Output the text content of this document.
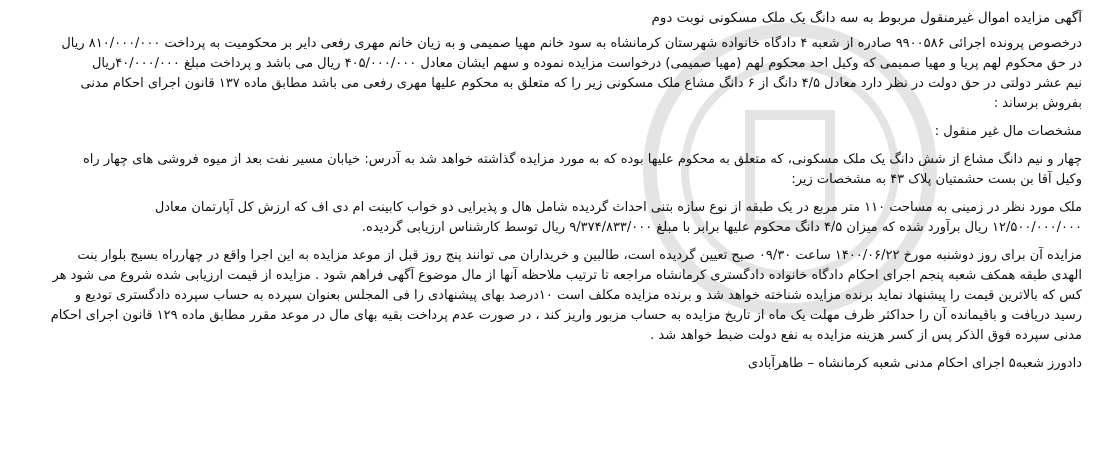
آگهی مزایده اموال غیرمنقول مربوط به سه دانگ یک ملک مسکونی نوبت دوم
درخصوص پرونده اجرائی ۹۹۰۰۵۸۶ صادره از شعبه ۴ دادگاه خانواده شهرستان کرمانشاه به سود خانم مهیا صمیمی و به زیان خانم مهری رفعی دایر بر محکومیت به پرداخت ۸۱۰/۰۰۰/۰۰۰ ریال
در حق محکوم لهم پریا و مهیا صمیمی که وکیل احد محکوم لهم (مهیا صمیمی) درخواست مزایده نموده و سهم ایشان معادل ۴۰۵/۰۰۰/۰۰۰ ریال می باشد و پرداخت مبلغ ۴۰/۰۰۰/۰۰۰ریال
نیم عشر دولتی در حق دولت در نظر دارد معادل ۴/۵ دانگ از ۶ دانگ مشاع ملک مسکونی زیر را که متعلق به محکوم علیها مهری رفعی می باشد مطابق ماده ۱۳۷ قانون اجرای احکام مدنی
بفروش برساند :
مشخصات مال غیر منقول :
چهار و نیم دانگ مشاع از شش دانگ یک ملک مسکونی، که متعلق به محکوم علیها بوده که به مورد مزایده گذاشته خواهد شد به آدرس: خیابان مسیر نفت بعد از میوه فروشی های چهار راه
وکیل آقا بن بست حشمتیان پلاک ۴۳ به مشخصات زیر:
ملک مورد نظر در زمینی به مساحت ۱۱۰ متر مربع در یک طبقه از نوع سازه بتنی احداث گردیده شامل هال و پذیرایی دو خواب کابینت ام دی اف که ارزش کل آپارتمان معادل
۱۲/۵۰۰/۰۰۰/۰۰۰ ریال برآورد شده که میزان ۴/۵ دانگ محکوم علیها برابر با مبلغ ۹/۳۷۴/۸۳۳/۰۰۰ ریال توسط کارشناس ارزیابی گردیده.
مزایده آن برای روز دوشنبه مورخ ۱۴۰۰/۰۶/۲۲ ساعت ۰۹/۳۰ صبح تعیین گردیده است، طالبین و خریداران می توانند پنج روز قبل از موعد مزایده به این اجرا واقع در چهارراه بسیج بلوار بنت
الهدی طبقه همکف شعبه پنجم اجرای احکام دادگاه خانواده دادگستری کرمانشاه مراجعه تا ترتیب ملاحظه آنها از مال موضوع آگهی فراهم شود . مزایده از قیمت ارزیابی شده شروع می شود هر
کس که بالاترین قیمت را پیشنهاد نماید برنده مزایده شناخته خواهد شد و برنده مزایده مکلف است ۱۰درصد بهای پیشنهادی را فی المجلس بعنوان سپرده به حساب سپرده دادگستری تودیع و
رسید دریافت و باقیمانده آن را حداکثر ظرف مهلت یک ماه از تاریخ مزایده به حساب مزبور واریز کند ، در صورت عدم پرداخت بقیه بهای مال در موعد مقرر مطابق ماده ۱۲۹ قانون اجرای احکام
مدنی سپرده فوق الذکر پس از کسر هزینه مزایده به نفع دولت ضبط خواهد شد .
دادورز شعبه۵ اجرای احکام مدنی شعبه کرمانشاه – طاهرآبادی
